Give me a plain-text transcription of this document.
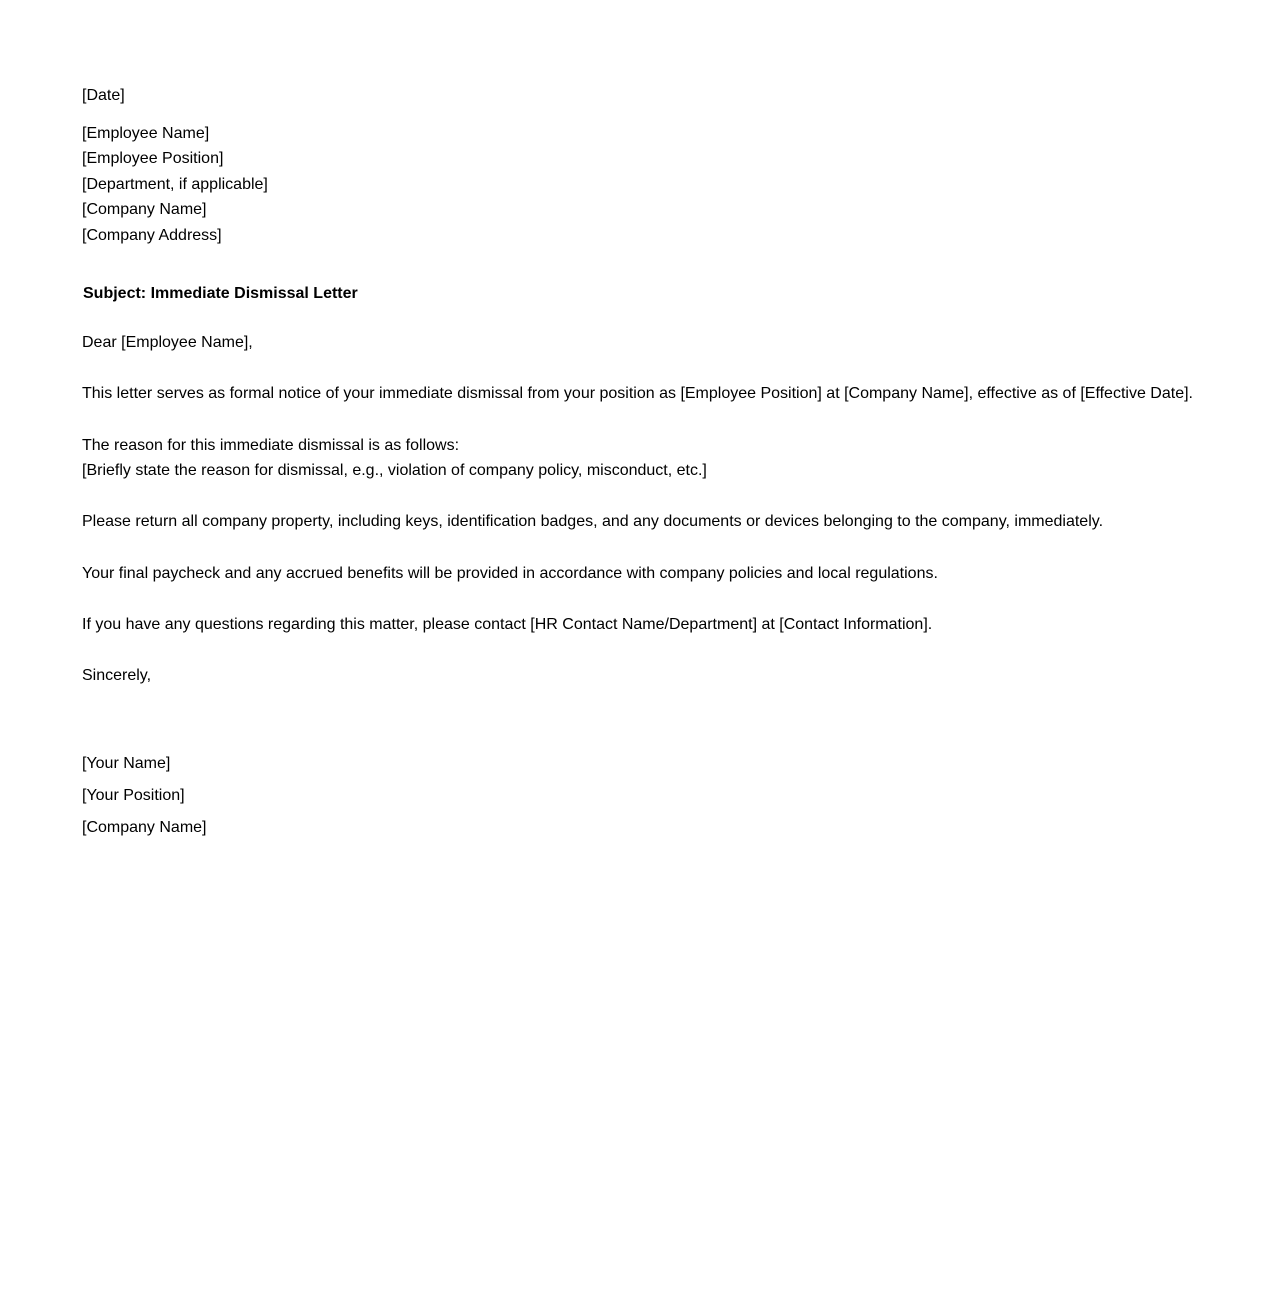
[Date]
[Employee Name]
[Employee Position]
[Department, if applicable]
[Company Name]
[Company Address]
Subject: Immediate Dismissal Letter
Dear [Employee Name],
This letter serves as formal notice of your immediate dismissal from your position as [Employee Position] at [Company Name], effective as of [Effective Date].
The reason for this immediate dismissal is as follows:
[Briefly state the reason for dismissal, e.g., violation of company policy, misconduct, etc.]
Please return all company property, including keys, identification badges, and any documents or devices belonging to the company, immediately.
Your final paycheck and any accrued benefits will be provided in accordance with company policies and local regulations.
If you have any questions regarding this matter, please contact [HR Contact Name/Department] at [Contact Information].
Sincerely,
[Your Name]
[Your Position]
[Company Name]
